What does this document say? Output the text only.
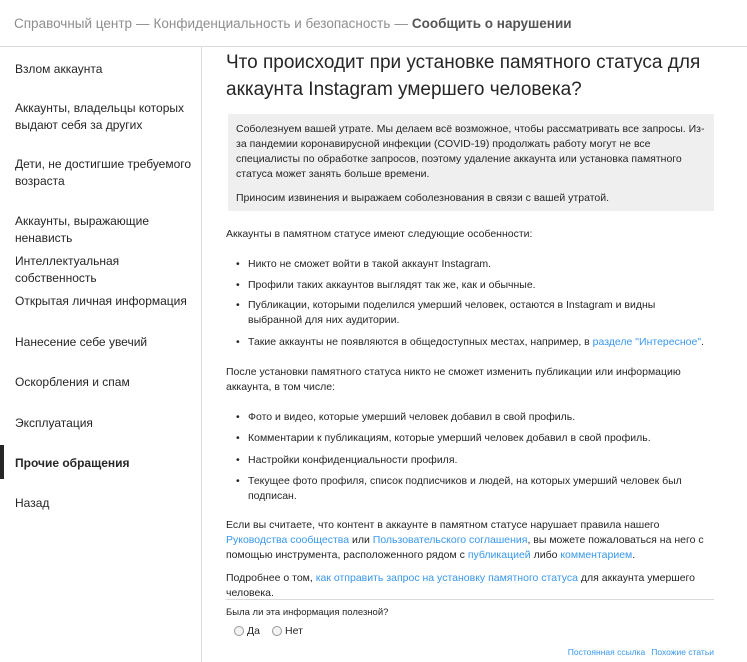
Справочный центр — Конфиденциальность и безопасность — Сообщить о нарушении
Взлом аккаунта
Аккаунты, владельцы которых выдают себя за других
Дети, не достигшие требуемого возраста
Аккаунты, выражающие ненависть
Интеллектуальная собственность
Открытая личная информация
Нанесение себе увечий
Оскорбления и спам
Эксплуатация
Прочие обращения
Назад
Что происходит при установке памятного статуса для аккаунта Instagram умершего человека?

Соболезнуем вашей утрате. Мы делаем всё возможное, чтобы рассматривать все запросы. Из-за пандемии коронавирусной инфекции (COVID-19) продолжать работу могут не все специалисты по обработке запросов, поэтому удаление аккаунта или установка памятного статуса может занять больше времени.

Приносим извинения и выражаем соболезнования в связи с вашей утратой.

Аккаунты в памятном статусе имеют следующие особенности:
• Никто не сможет войти в такой аккаунт Instagram.
• Профили таких аккаунтов выглядят так же, как и обычные.
• Публикации, которыми поделился умерший человек, остаются в Instagram и видны выбранной для них аудитории.
• Такие аккаунты не появляются в общедоступных местах, например, в разделе "Интересное".
После установки памятного статуса никто не сможет изменить публикации или информацию аккаунта, в том числе:
• Фото и видео, которые умерший человек добавил в свой профиль.
• Комментарии к публикациям, которые умерший человек добавил в свой профиль.
• Настройки конфиденциальности профиля.
• Текущее фото профиля, список подписчиков и людей, на которых умерший человек был подписан.
Если вы считаете, что контент в аккаунте в памятном статусе нарушает правила нашего Руководства сообщества или Пользовательского соглашения, вы можете пожаловаться на него с помощью инструмента, расположенного рядом с публикацией либо комментарием.
Подробнее о том, как отправить запрос на установку памятного статуса для аккаунта умершего человека.
Была ли эта информация полезной?
Да Нет
Постоянная ссылка Похожие статьи
